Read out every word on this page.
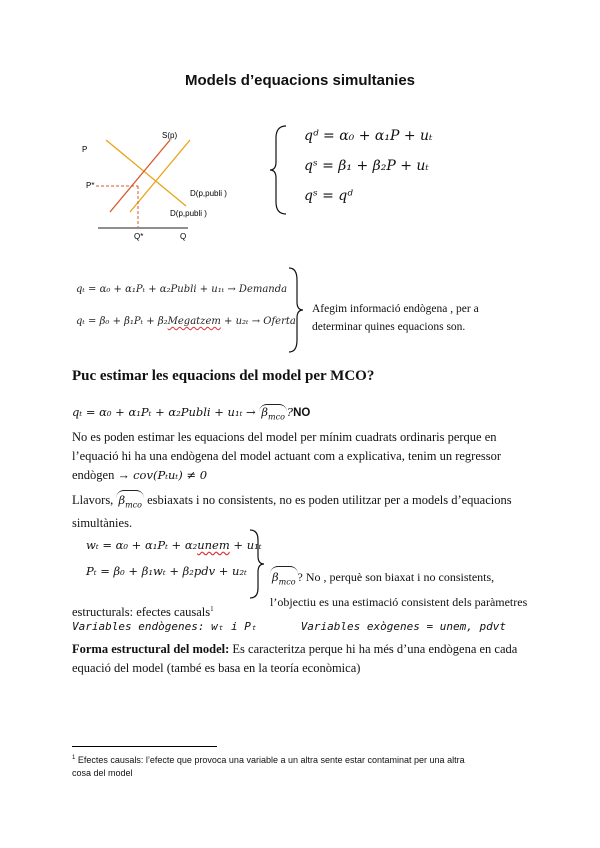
Models d’equacions simultanies
P
P*
S(p)
D(p,publi )
D(p,publi )
Q*	Q
qᵈ = α₀ + α₁P + uₜ
qˢ = β₁ + β₂P + uₜ
qˢ = qᵈ
qₜ = α₀ + α₁Pₜ + α₂Publi + u₁ₜ → Demanda
qₜ = β₀ + β₁Pₜ + β₂Megatzem + u₂ₜ → Oferta
Afegim informació endògena , per a
determinar quines equacions son.
Puc estimar les equacions del model per MCO?
qₜ = α₀ + α₁Pₜ + α₂Publi + $u_{1t} \to \beta_{mco}$ ?NO
No es poden estimar les equacions del model per mínim cuadrats ordinaris perque en
l’equació hi ha una endògena del model actuant com a explicativa, tenim un regressor
endògen → cov(Pₜuₜ) ≠ 0
Llavors, $\beta_{mco}$ esbiaxats i no consistents, no es poden utilitzar per a models d’equacions
simultànies.
wₜ = α₀ + α₁Pₜ + α₂unem + u₁ₜ
Pₜ = β₀ + β₁wₜ + β₂pdv + u₂ₜ $\beta_{mco}$ ? No , perquè son biaxat i no consistents,
l’objectiu es una estimació consistent dels paràmetres
estructurals: efectes causals$^1$
Variables endògenes: wₜ i Pₜ	Variables exògenes = unem, pdvt
Forma estructural del model: Es caracteritza perque hi ha més d’una endògena en cada
equació del model (també es basa en la teoría econòmica)
$^1$ Efectes causals: l’efecte que provoca una variable a un altra sente estar contaminat per una altra
cosa del model
